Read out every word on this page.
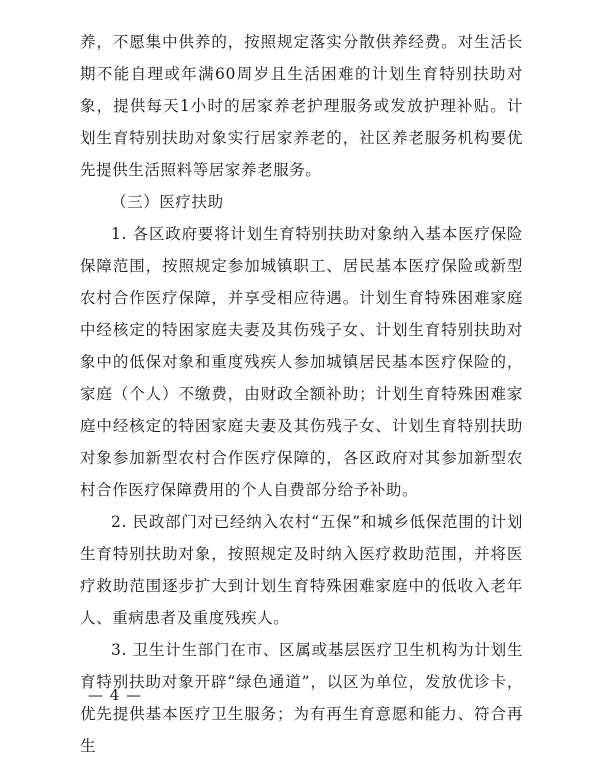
养，不愿集中供养的，按照规定落实分散供养经费。对生活长期不能自理或年满60周岁且生活困难的计划生育特别扶助对象，提供每天1小时的居家养老护理服务或发放护理补贴。计划生育特别扶助对象实行居家养老的，社区养老服务机构要优先提供生活照料等居家养老服务。

（三）医疗扶助

1. 各区政府要将计划生育特别扶助对象纳入基本医疗保险保障范围，按照规定参加城镇职工、居民基本医疗保险或新型农村合作医疗保障，并享受相应待遇。计划生育特殊困难家庭中经核定的特困家庭夫妻及其伤残子女、计划生育特别扶助对象中的低保对象和重度残疾人参加城镇居民基本医疗保险的，家庭（个人）不缴费，由财政全额补助；计划生育特殊困难家庭中经核定的特困家庭夫妻及其伤残子女、计划生育特别扶助对象参加新型农村合作医疗保障的，各区政府对其参加新型农村合作医疗保障费用的个人自费部分给予补助。

2. 民政部门对已经纳入农村“五保”和城乡低保范围的计划生育特别扶助对象，按照规定及时纳入医疗救助范围，并将医疗救助范围逐步扩大到计划生育特殊困难家庭中的低收入老年人、重病患者及重度残疾人。

3. 卫生计生部门在市、区属或基层医疗卫生机构为计划生育特别扶助对象开辟“绿色通道”，以区为单位，发放优诊卡，优先提供基本医疗卫生服务；为有再生育意愿和能力、符合再生

— 4 —
